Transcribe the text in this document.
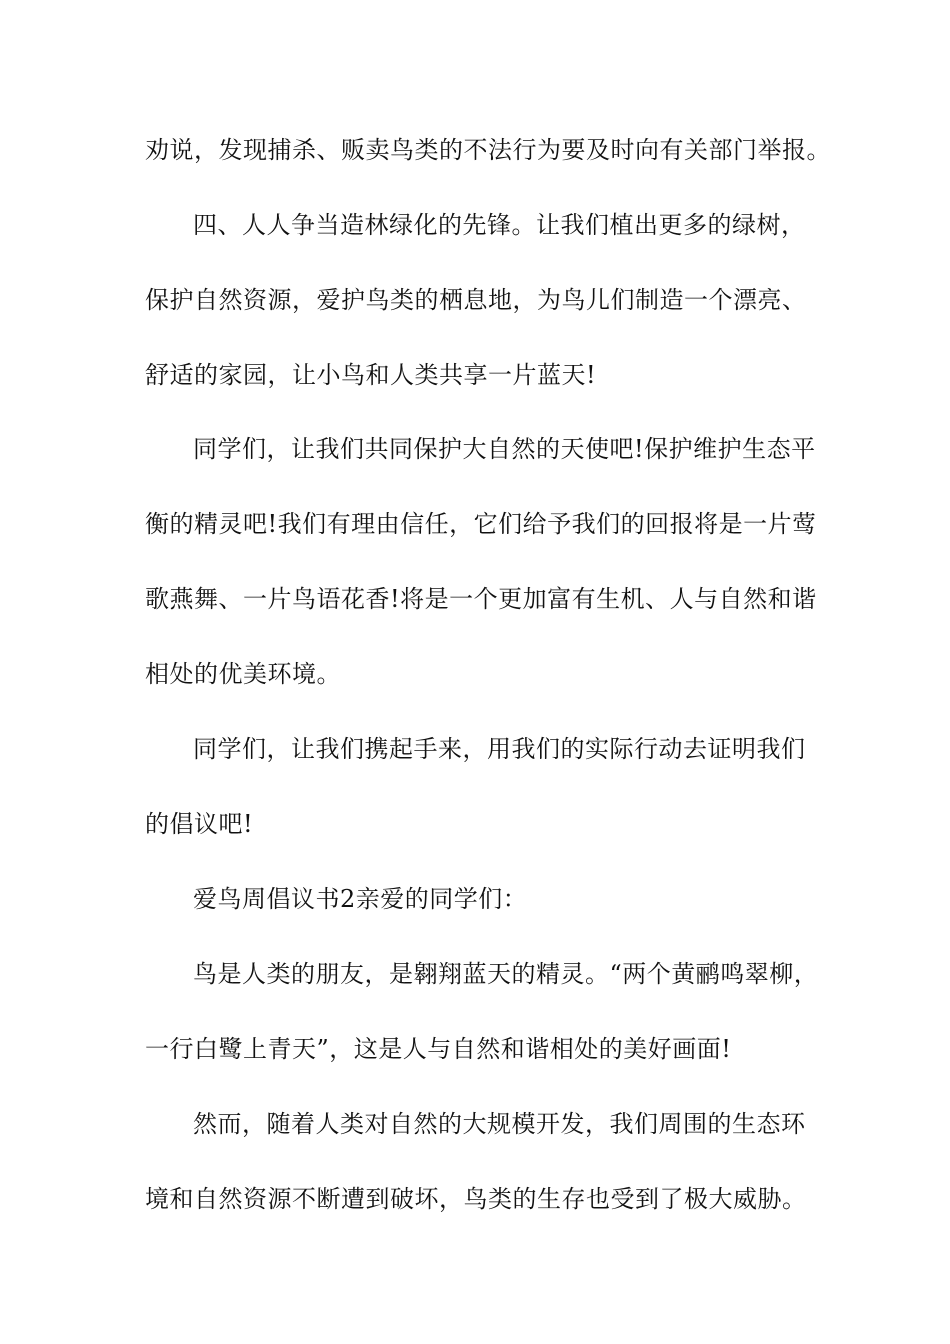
劝说，发现捕杀、贩卖鸟类的不法行为要及时向有关部门举报。
四、人人争当造林绿化的先锋。让我们植出更多的绿树，
保护自然资源，爱护鸟类的栖息地，为鸟儿们制造一个漂亮、
舒适的家园，让小鸟和人类共享一片蓝天!
同学们，让我们共同保护大自然的天使吧!保护维护生态平
衡的精灵吧!我们有理由信任，它们给予我们的回报将是一片莺
歌燕舞、一片鸟语花香!将是一个更加富有生机、人与自然和谐
相处的优美环境。
同学们，让我们携起手来，用我们的实际行动去证明我们
的倡议吧!
爱鸟周倡议书2亲爱的同学们：
鸟是人类的朋友，是翱翔蓝天的精灵。“两个黄鹂鸣翠柳，
一行白鹭上青天”，这是人与自然和谐相处的美好画面!
然而，随着人类对自然的大规模开发，我们周围的生态环
境和自然资源不断遭到破坏，鸟类的生存也受到了极大威胁。
